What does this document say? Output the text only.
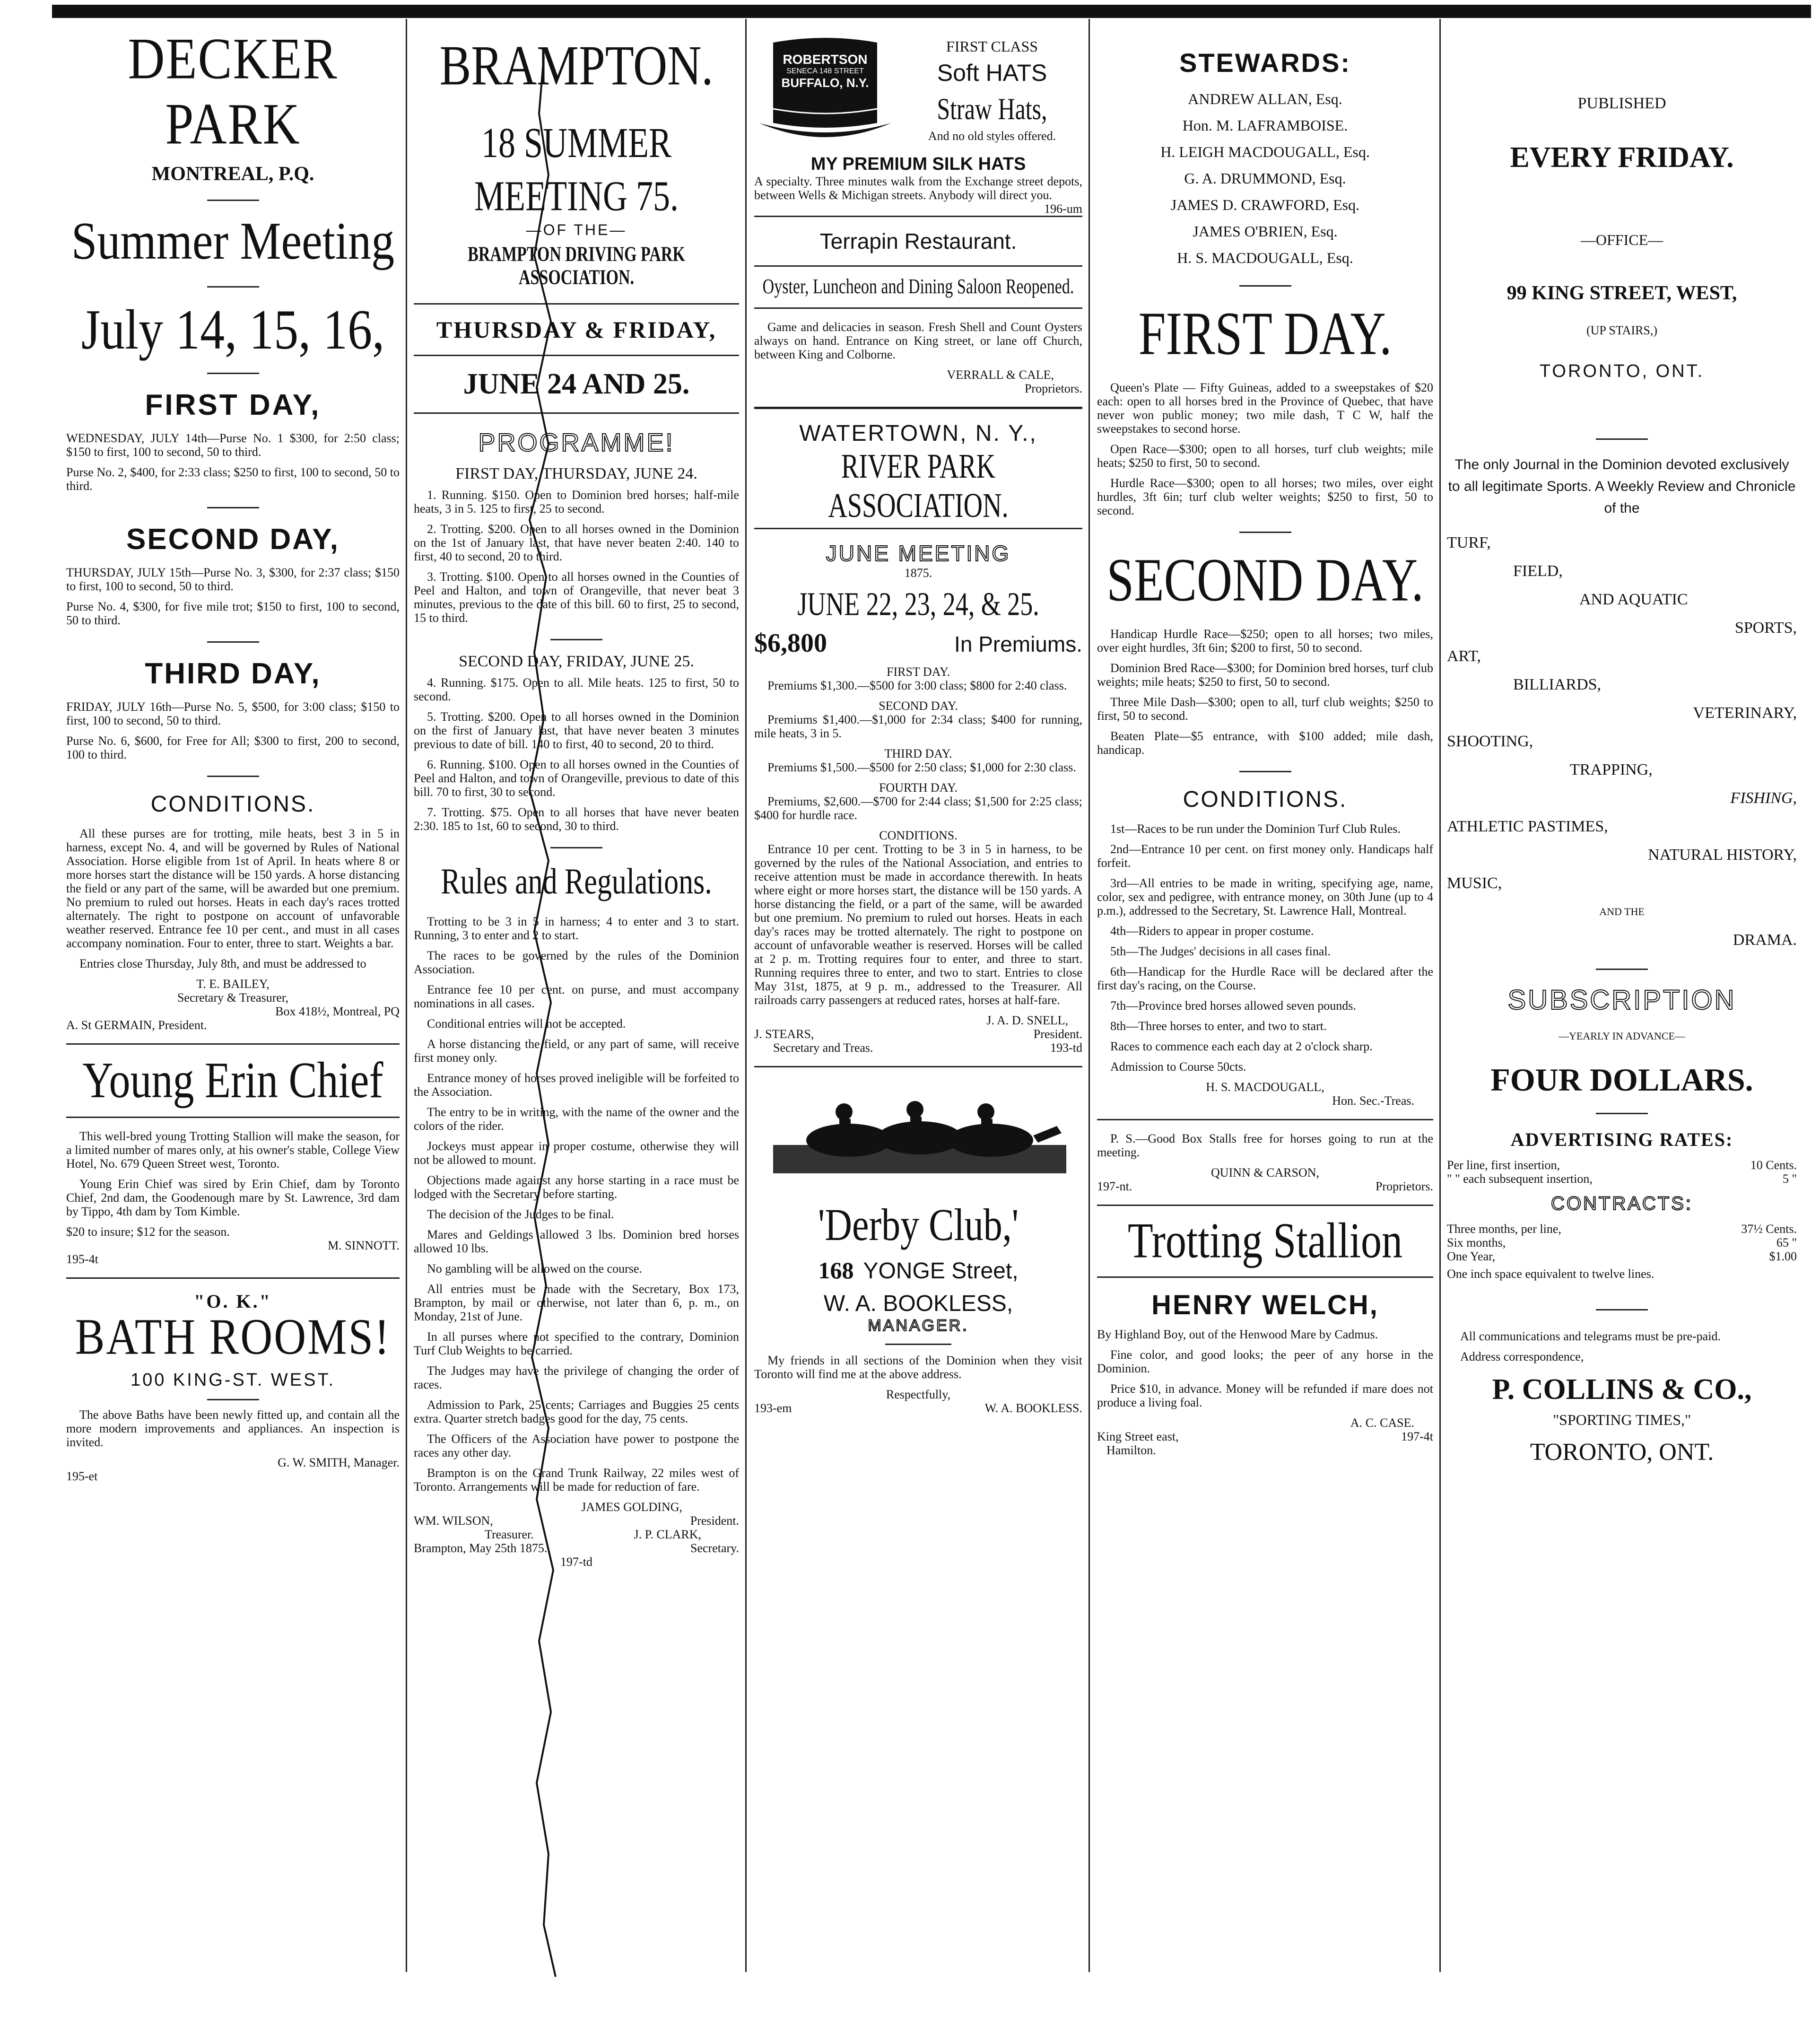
DECKER PARK
MONTREAL, P.Q.
Summer Meeting
July 14, 15, 16,
FIRST DAY,

WEDNESDAY, JULY 14th—Purse No. 1 $300, for 2:50 class; $150 to first, 100 to second, 50 to third.

Purse No. 2, $400, for 2:33 class; $250 to first, 100 to second, 50 to third.

SECOND DAY,

THURSDAY, JULY 15th—Purse No. 3, $300, for 2:37 class; $150 to first, 100 to second, 50 to third.

Purse No. 4, $300, for five mile trot; $150 to first, 100 to second, 50 to third.

THIRD DAY,

FRIDAY, JULY 16th—Purse No. 5, $500, for 3:00 class; $150 to first, 100 to second, 50 to third.

Purse No. 6, $600, for Free for All; $300 to first, 200 to second, 100 to third.

CONDITIONS.

All these purses are for trotting, mile heats, best 3 in 5 in harness, except No. 4, and will be governed by Rules of National Association. Horse eligible from 1st of April. In heats where 8 or more horses start the distance will be 150 yards. A horse distancing the field or any part of the same, will be awarded but one premium. No premium to ruled out horses. Heats in each day's races trotted alternately. The right to postpone on account of unfavorable weather reserved. Entrance fee 10 per cent., and must in all cases accompany nomination. Four to enter, three to start. Weights a bar.

Entries close Thursday, July 8th, and must be addressed to

T. E. BAILEY,
Secretary & Treasurer,
Box 418½, Montreal, PQ
A. St GERMAIN, President.
Young Erin Chief

This well-bred young Trotting Stallion will make the season, for a limited number of mares only, at his owner's stable, College View Hotel, No. 679 Queen Street west, Toronto.

Young Erin Chief was sired by Erin Chief, dam by Toronto Chief, 2nd dam, the Goodenough mare by St. Lawrence, 3rd dam by Tippo, 4th dam by Tom Kimble.

$20 to insure; $12 for the season.
M. SINNOTT.
195-4t
"O. K."
BATH ROOMS!
100 KING-ST. WEST.

The above Baths have been newly fitted up, and contain all the more modern improvements and appliances. An inspection is invited.

G. W. SMITH, Manager.
195-et
BRAMPTON.
18 SUMMER MEETING 75.
—OF THE—
BRAMPTON DRIVING PARK ASSOCIATION.
THURSDAY & FRIDAY,
JUNE 24 AND 25.
PROGRAMME!
FIRST DAY, THURSDAY, JUNE 24.

1. Running. $150. Open to Dominion bred horses; half-mile heats, 3 in 5. 125 to first, 25 to second.

2. Trotting. $200. Open to all horses owned in the Dominion on the 1st of January last, that have never beaten 2:40. 140 to first, 40 to second, 20 to third.

3. Trotting. $100. Open to all horses owned in the Counties of Peel and Halton, and town of Orangeville, that never beat 3 minutes, previous to the date of this bill. 60 to first, 25 to second, 15 to third.

SECOND DAY, FRIDAY, JUNE 25.

4. Running. $175. Open to all. Mile heats. 125 to first, 50 to second.

5. Trotting. $200. Open to all horses owned in the Dominion on the first of January last, that have never beaten 3 minutes previous to date of bill. 140 to first, 40 to second, 20 to third.

6. Running. $100. Open to all horses owned in the Counties of Peel and Halton, and town of Orangeville, previous to date of this bill. 70 to first, 30 to second.

7. Trotting. $75. Open to all horses that have never beaten 2:30. 185 to 1st, 60 to second, 30 to third.

Rules and Regulations.

Trotting to be 3 in 5 in harness; 4 to enter and 3 to start. Running, 3 to enter and 2 to start.

The races to be governed by the rules of the Dominion Association.

Entrance fee 10 per cent. on purse, and must accompany nominations in all cases.

Conditional entries will not be accepted.

A horse distancing the field, or any part of same, will receive first money only.

Entrance money of horses proved ineligible will be forfeited to the Association.

The entry to be in writing, with the name of the owner and the colors of the rider.

Jockeys must appear in proper costume, otherwise they will not be allowed to mount.

Objections made against any horse starting in a race must be lodged with the Secretary before starting.

The decision of the Judges to be final.

Mares and Geldings allowed 3 lbs. Dominion bred horses allowed 10 lbs.

No gambling will be allowed on the course.

All entries must be made with the Secretary, Box 173, Brampton, by mail or otherwise, not later than 6, p. m., on Monday, 21st of June.

In all purses where not specified to the contrary, Dominion Turf Club Weights to be carried.

The Judges may have the privilege of changing the order of races.

Admission to Park, 25 cents; Carriages and Buggies 25 cents extra. Quarter stretch badges good for the day, 75 cents.

The Officers of the Association have power to postpone the races any other day.

Brampton is on the Grand Trunk Railway, 22 miles west of Toronto. Arrangements will be made for reduction of fare.

JAMES GOLDING,
WM. WILSON,	President.
Treasurer.	J. P. CLARK,
Brampton, May 25th 1875.	Secretary.
197-td
ROBERTSON
SENECA 148 STREET
BUFFALO, N.Y.
FIRST CLASS
Soft HATS
Straw Hats,
And no old styles offered.
MY PREMIUM SILK HATS
A specialty. Three minutes walk from the Exchange street depots, between Wells & Michigan streets. Anybody will direct you.
196-um
Terrapin Restaurant.
Oyster, Luncheon and Dining Saloon Reopened.

Game and delicacies in season. Fresh Shell and Count Oysters always on hand. Entrance on King street, or lane off Church, between King and Colborne.

VERRALL & CALE,
Proprietors.
WATERTOWN, N. Y.,
RIVER PARK ASSOCIATION.
JUNE MEETING
1875.
JUNE 22, 23, 24, & 25.
$6,800	In Premiums.
FIRST DAY.

Premiums $1,300.—$500 for 3:00 class; $800 for 2:40 class.

SECOND DAY.

Premiums $1,400.—$1,000 for 2:34 class; $400 for running, mile heats, 3 in 5.

THIRD DAY.

Premiums $1,500.—$500 for 2:50 class; $1,000 for 2:30 class.

FOURTH DAY.

Premiums, $2,600.—$700 for 2:44 class; $1,500 for 2:25 class; $400 for hurdle race.

CONDITIONS.

Entrance 10 per cent. Trotting to be 3 in 5 in harness, to be governed by the rules of the National Association, and entries to receive attention must be made in accordance therewith. In heats where eight or more horses start, the distance will be 150 yards. A horse distancing the field, or a part of the same, will be awarded but one premium. No premium to ruled out horses. Heats in each day's races may be trotted alternately. The right to postpone on account of unfavorable weather is reserved. Horses will be called at 2 p. m. Trotting requires four to enter, and three to start. Running requires three to enter, and two to start. Entries to close May 31st, 1875, at 9 p. m., addressed to the Treasurer. All railroads carry passengers at reduced rates, horses at half-fare.

J. A. D. SNELL,
J. STEARS,	President.
Secretary and Treas.	193-td
'Derby Club,'
168 YONGE Street,
W. A. BOOKLESS,
MANAGER.

My friends in all sections of the Dominion when they visit Toronto will find me at the above address.

Respectfully,
193-em	W. A. BOOKLESS.
STEWARDS:
ANDREW ALLAN, Esq.
Hon. M. LAFRAMBOISE.
H. LEIGH MACDOUGALL, Esq.
G. A. DRUMMOND, Esq.
JAMES D. CRAWFORD, Esq.
JAMES O'BRIEN, Esq.
H. S. MACDOUGALL, Esq.
FIRST DAY.

Queen's Plate — Fifty Guineas, added to a sweepstakes of $20 each: open to all horses bred in the Province of Quebec, that have never won public money; two mile dash, T C W, half the sweepstakes to second horse.

Open Race—$300; open to all horses, turf club weights; mile heats; $250 to first, 50 to second.

Hurdle Race—$300; open to all horses; two miles, over eight hurdles, 3ft 6in; turf club welter weights; $250 to first, 50 to second.

SECOND DAY.

Handicap Hurdle Race—$250; open to all horses; two miles, over eight hurdles, 3ft 6in; $200 to first, 50 to second.

Dominion Bred Race—$300; for Dominion bred horses, turf club weights; mile heats; $250 to first, 50 to second.

Three Mile Dash—$300; open to all, turf club weights; $250 to first, 50 to second.

Beaten Plate—$5 entrance, with $100 added; mile dash, handicap.

CONDITIONS.

1st—Races to be run under the Dominion Turf Club Rules.

2nd—Entrance 10 per cent. on first money only. Handicaps half forfeit.

3rd—All entries to be made in writing, specifying age, name, color, sex and pedigree, with entrance money, on 30th June (up to 4 p.m.), addressed to the Secretary, St. Lawrence Hall, Montreal.

4th—Riders to appear in proper costume.

5th—The Judges' decisions in all cases final.

6th—Handicap for the Hurdle Race will be declared after the first day's racing, on the Course.

7th—Province bred horses allowed seven pounds.

8th—Three horses to enter, and two to start.

Races to commence each each day at 2 o'clock sharp.

Admission to Course 50cts.

H. S. MACDOUGALL,
Hon. Sec.-Treas.

P. S.—Good Box Stalls free for horses going to run at the meeting.

QUINN & CARSON,
197-nt.	Proprietors.
Trotting Stallion
HENRY WELCH,

By Highland Boy, out of the Henwood Mare by Cadmus.

Fine color, and good looks; the peer of any horse in the Dominion.

Price $10, in advance. Money will be refunded if mare does not produce a living foal.

A. C. CASE.
King Street east,	197-4t
Hamilton.
PUBLISHED
EVERY FRIDAY.
—OFFICE—
99 KING STREET, WEST,
(UP STAIRS,)
TORONTO, ONT.
The only Journal in the Dominion devoted exclusively to all legitimate Sports. A Weekly Review and Chronicle of the
TURF,
FIELD,
AND AQUATIC
SPORTS,
ART,
BILLIARDS,
VETERINARY,
SHOOTING,
TRAPPING,
FISHING,
ATHLETIC PASTIMES,
NATURAL HISTORY,
MUSIC,
AND THE
DRAMA.
SUBSCRIPTION
—YEARLY IN ADVANCE—
FOUR DOLLARS.
ADVERTISING RATES:
Per line, first insertion,	10 Cents.
" " each subsequent insertion,	5 "
CONTRACTS:
Three months, per line,	37½ Cents.
Six months,	65 "
One Year,	$1.00
One inch space equivalent to twelve lines.

All communications and telegrams must be pre-paid.

Address correspondence,

P. COLLINS & CO.,
"SPORTING TIMES,"
TORONTO, ONT.
